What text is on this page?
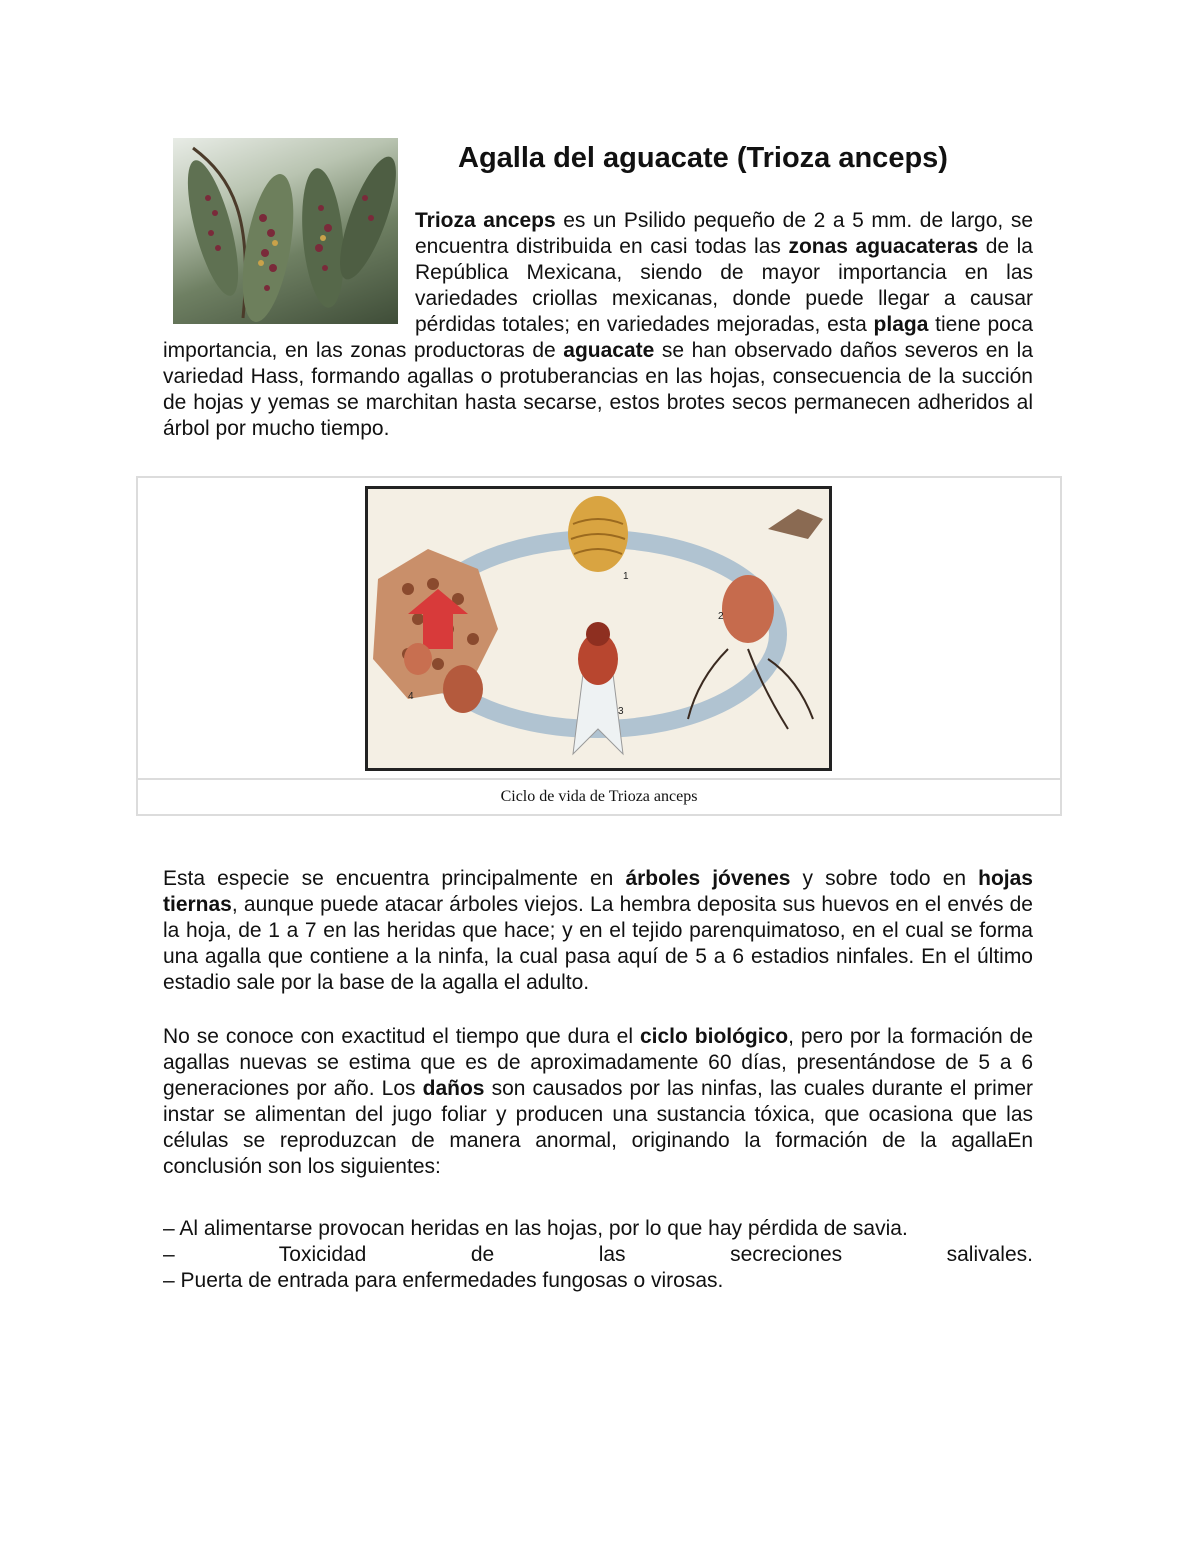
Agalla del aguacate (Trioza anceps)

Trioza anceps es un Psilido pequeño de 2 a 5 mm. de largo, se encuentra distribuida en casi todas las zonas aguacateras de la República Mexicana, siendo de mayor importancia en las variedades criollas mexicanas, donde puede llegar a causar pérdidas totales; en variedades mejoradas, esta plaga tiene poca importancia, en las zonas productoras de aguacate se han observado daños severos en la variedad Hass, formando agallas o protuberancias en las hojas, consecuencia de la succión de hojas y yemas se marchitan hasta secarse, estos brotes secos permanecen adheridos al árbol por mucho tiempo.

1
2
3
4
Ciclo de vida de Trioza anceps

Esta especie se encuentra principalmente en árboles jóvenes y sobre todo en hojas tiernas, aunque puede atacar árboles viejos. La hembra deposita sus huevos en el envés de la hoja, de 1 a 7 en las heridas que hace; y en el tejido parenquimatoso, en el cual se forma una agalla que contiene a la ninfa, la cual pasa aquí de 5 a 6 estadios ninfales. En el último estadio sale por la base de la agalla el adulto.

No se conoce con exactitud el tiempo que dura el ciclo biológico, pero por la formación de agallas nuevas se estima que es de aproximadamente 60 días, presentándose de 5 a 6 generaciones por año. Los daños son causados por las ninfas, las cuales durante el primer instar se alimentan del jugo foliar y producen una sustancia tóxica, que ocasiona que las células se reproduzcan de manera anormal, originando la formación de la agallaEn conclusión son los siguientes:

– Al alimentarse provocan heridas en las hojas, por lo que hay pérdida de savia.
– Toxicidad de las secreciones salivales.
– Puerta de entrada para enfermedades fungosas o virosas.
